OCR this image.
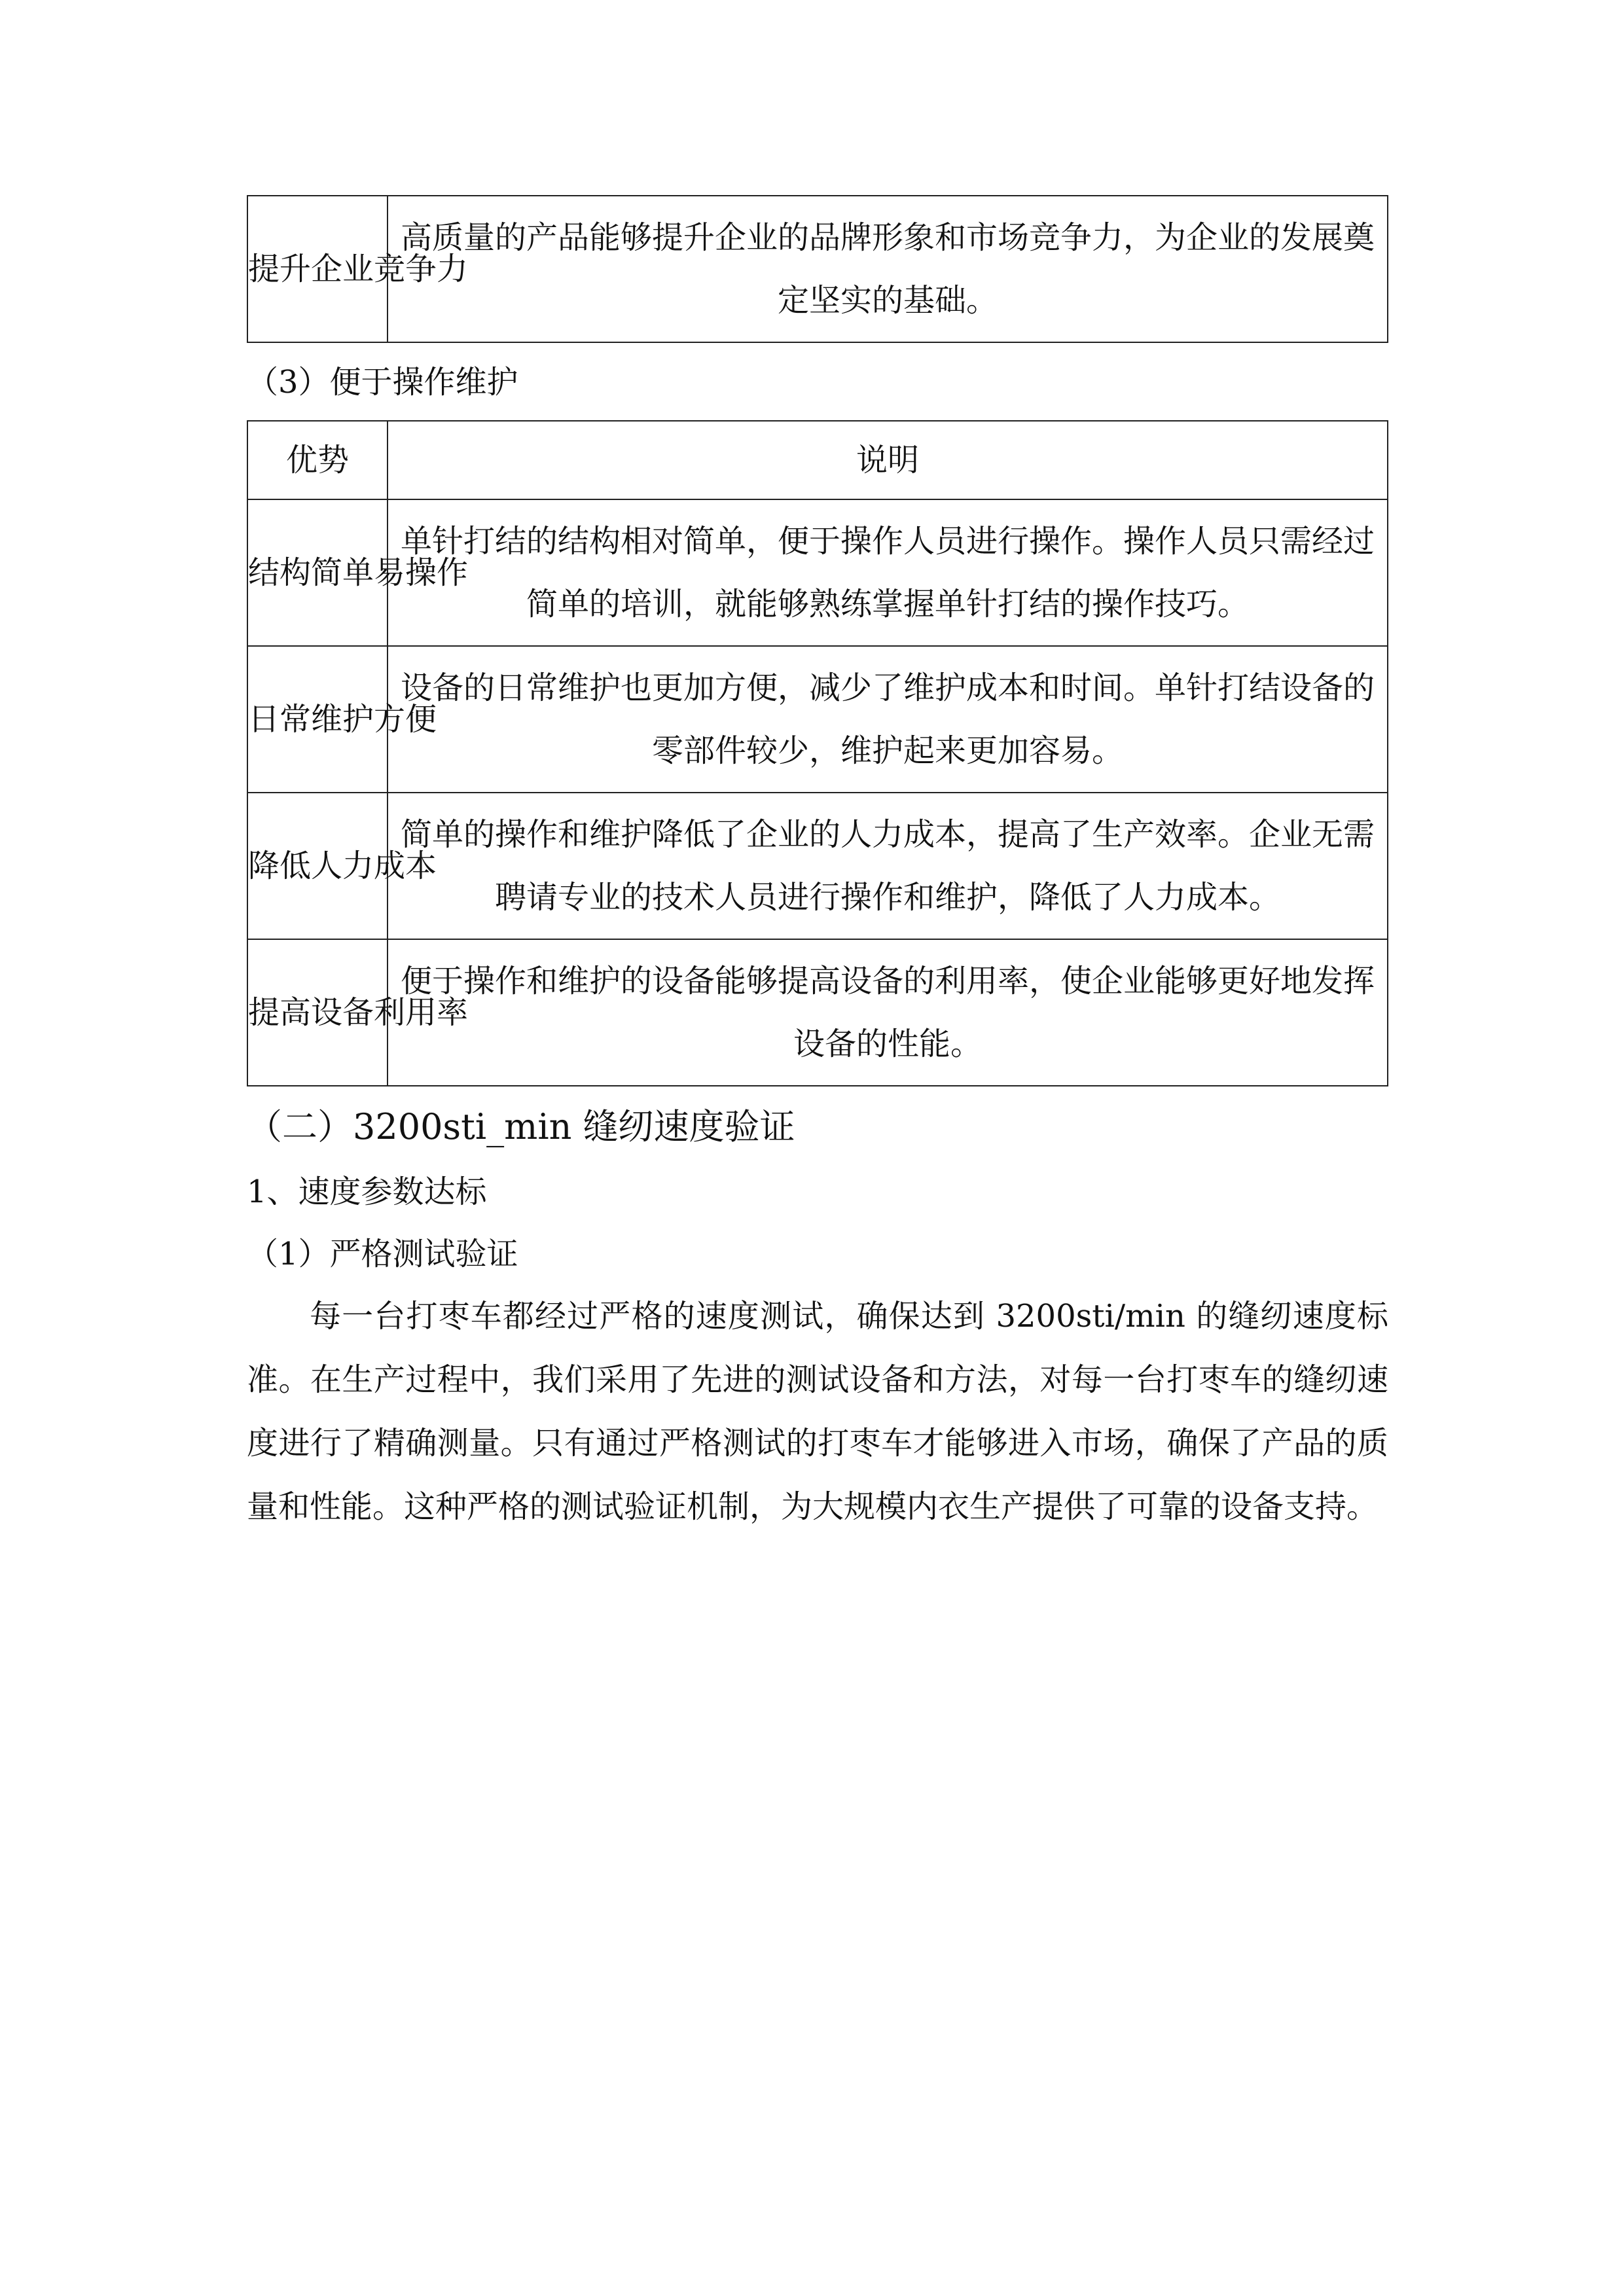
提升企业竞争力	高质量的产品能够提升企业的品牌形象和市场竞争力，为企业的发展奠定坚实的基础。
（3）便于操作维护
优势	说明
结构简单易操作	单针打结的结构相对简单，便于操作人员进行操作。操作人员只需经过简单的培训，就能够熟练掌握单针打结的操作技巧。
日常维护方便	设备的日常维护也更加方便，减少了维护成本和时间。单针打结设备的零部件较少，维护起来更加容易。
降低人力成本	简单的操作和维护降低了企业的人力成本，提高了生产效率。企业无需聘请专业的技术人员进行操作和维护，降低了人力成本。
提高设备利用率	便于操作和维护的设备能够提高设备的利用率，使企业能够更好地发挥设备的性能。
（二）3200sti_min 缝纫速度验证
1、速度参数达标
（1）严格测试验证

每一台打枣车都经过严格的速度测试，确保达到 3200sti/min 的缝纫速度标准。在生产过程中，我们采用了先进的测试设备和方法，对每一台打枣车的缝纫速度进行了精确测量。只有通过严格测试的打枣车才能够进入市场，确保了产品的质量和性能。这种严格的测试验证机制，为大规模内衣生产提供了可靠的设备支持。
